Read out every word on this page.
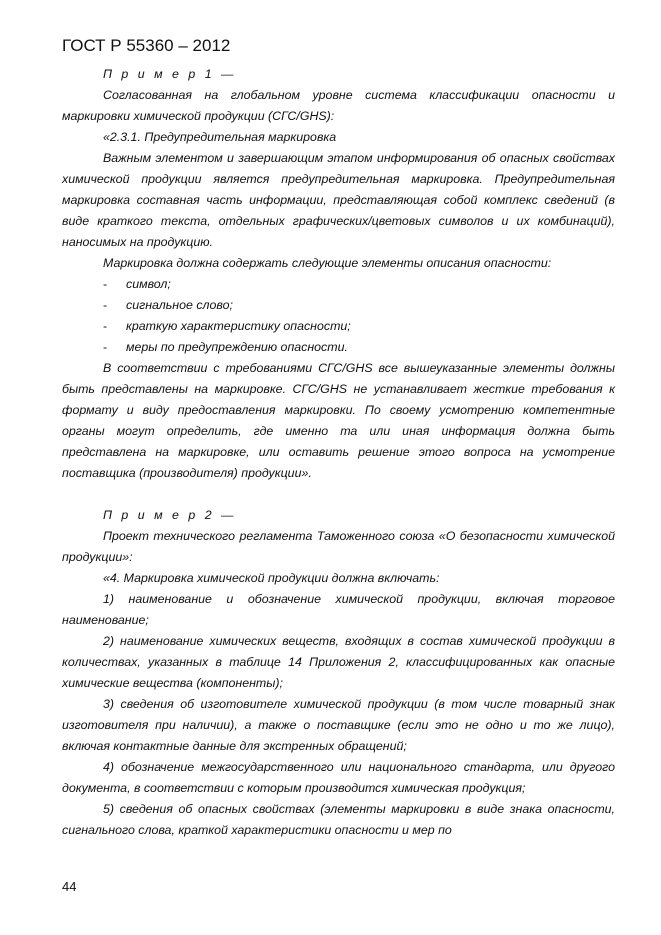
ГОСТ Р 55360 – 2012

П р и м е р 1 —

Согласованная на глобальном уровне система классификации опасности и маркировки химической продукции (СГС/GHS):

«2.3.1. Предупредительная маркировка

Важным элементом и завершающим этапом информирования об опасных свойствах химической продукции является предупредительная маркировка. Предупредительная маркировка составная часть информации, представляющая собой комплекс сведений (в виде краткого текста, отдельных графических/цветовых символов и их комбинаций), наносимых на продукцию.

Маркировка должна содержать следующие элементы описания опасности:

- символ;

- сигнальное слово;

- краткую характеристику опасности;

- меры по предупреждению опасности.

В соответствии с требованиями СГС/GHS все вышеуказанные элементы должны быть представлены на маркировке. СГС/GHS не устанавливает жесткие требования к формату и виду предоставления маркировки. По своему усмотрению компетентные органы могут определить, где именно та или иная информация должна быть представлена на маркировке, или оставить решение этого вопроса на усмотрение поставщика (производителя) продукции».

П р и м е р 2 —

Проект технического регламента Таможенного союза «О безопасности химической продукции»:

«4. Маркировка химической продукции должна включать:

1) наименование и обозначение химической продукции, включая торговое наименование;

2) наименование химических веществ, входящих в состав химической продукции в количествах, указанных в таблице 14 Приложения 2, классифицированных как опасные химические вещества (компоненты);

3) сведения об изготовителе химической продукции (в том числе товарный знак изготовителя при наличии), а также о поставщике (если это не одно и то же лицо), включая контактные данные для экстренных обращений;

4) обозначение межгосударственного или национального стандарта, или другого документа, в соответствии с которым производится химическая продукция;

5) сведения об опасных свойствах (элементы маркировки в виде знака опасности, сигнального слова, краткой характеристики опасности и мер по

44
